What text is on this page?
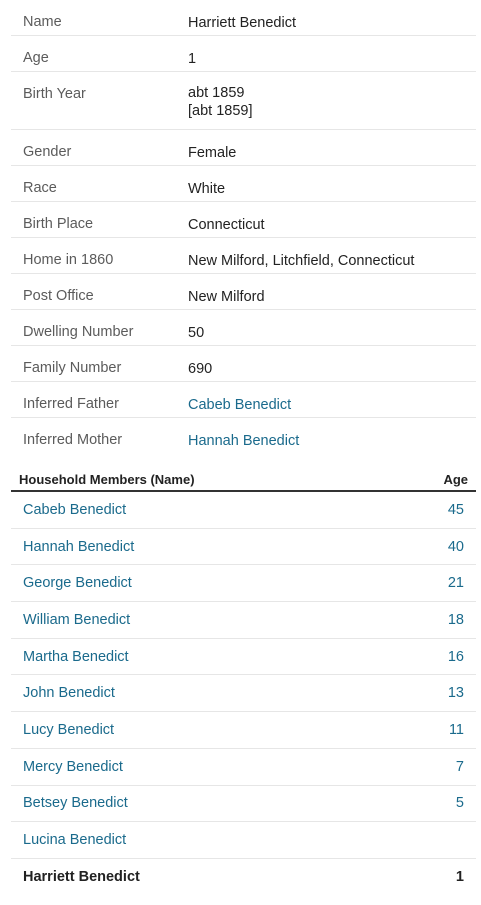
Name	Harriett Benedict
Age	1
Birth Year	abt 1859
[abt 1859]
Gender	Female
Race	White
Birth Place	Connecticut
Home in 1860	New Milford, Litchfield, Connecticut
Post Office	New Milford
Dwelling Number	50
Family Number	690
Inferred Father	Cabeb Benedict
Inferred Mother	Hannah Benedict
Household Members (Name)	Age
Cabeb Benedict	45
Hannah Benedict	40
George Benedict	21
William Benedict	18
Martha Benedict	16
John Benedict	13
Lucy Benedict	11
Mercy Benedict	7
Betsey Benedict	5
Lucina Benedict
Harriett Benedict	1
